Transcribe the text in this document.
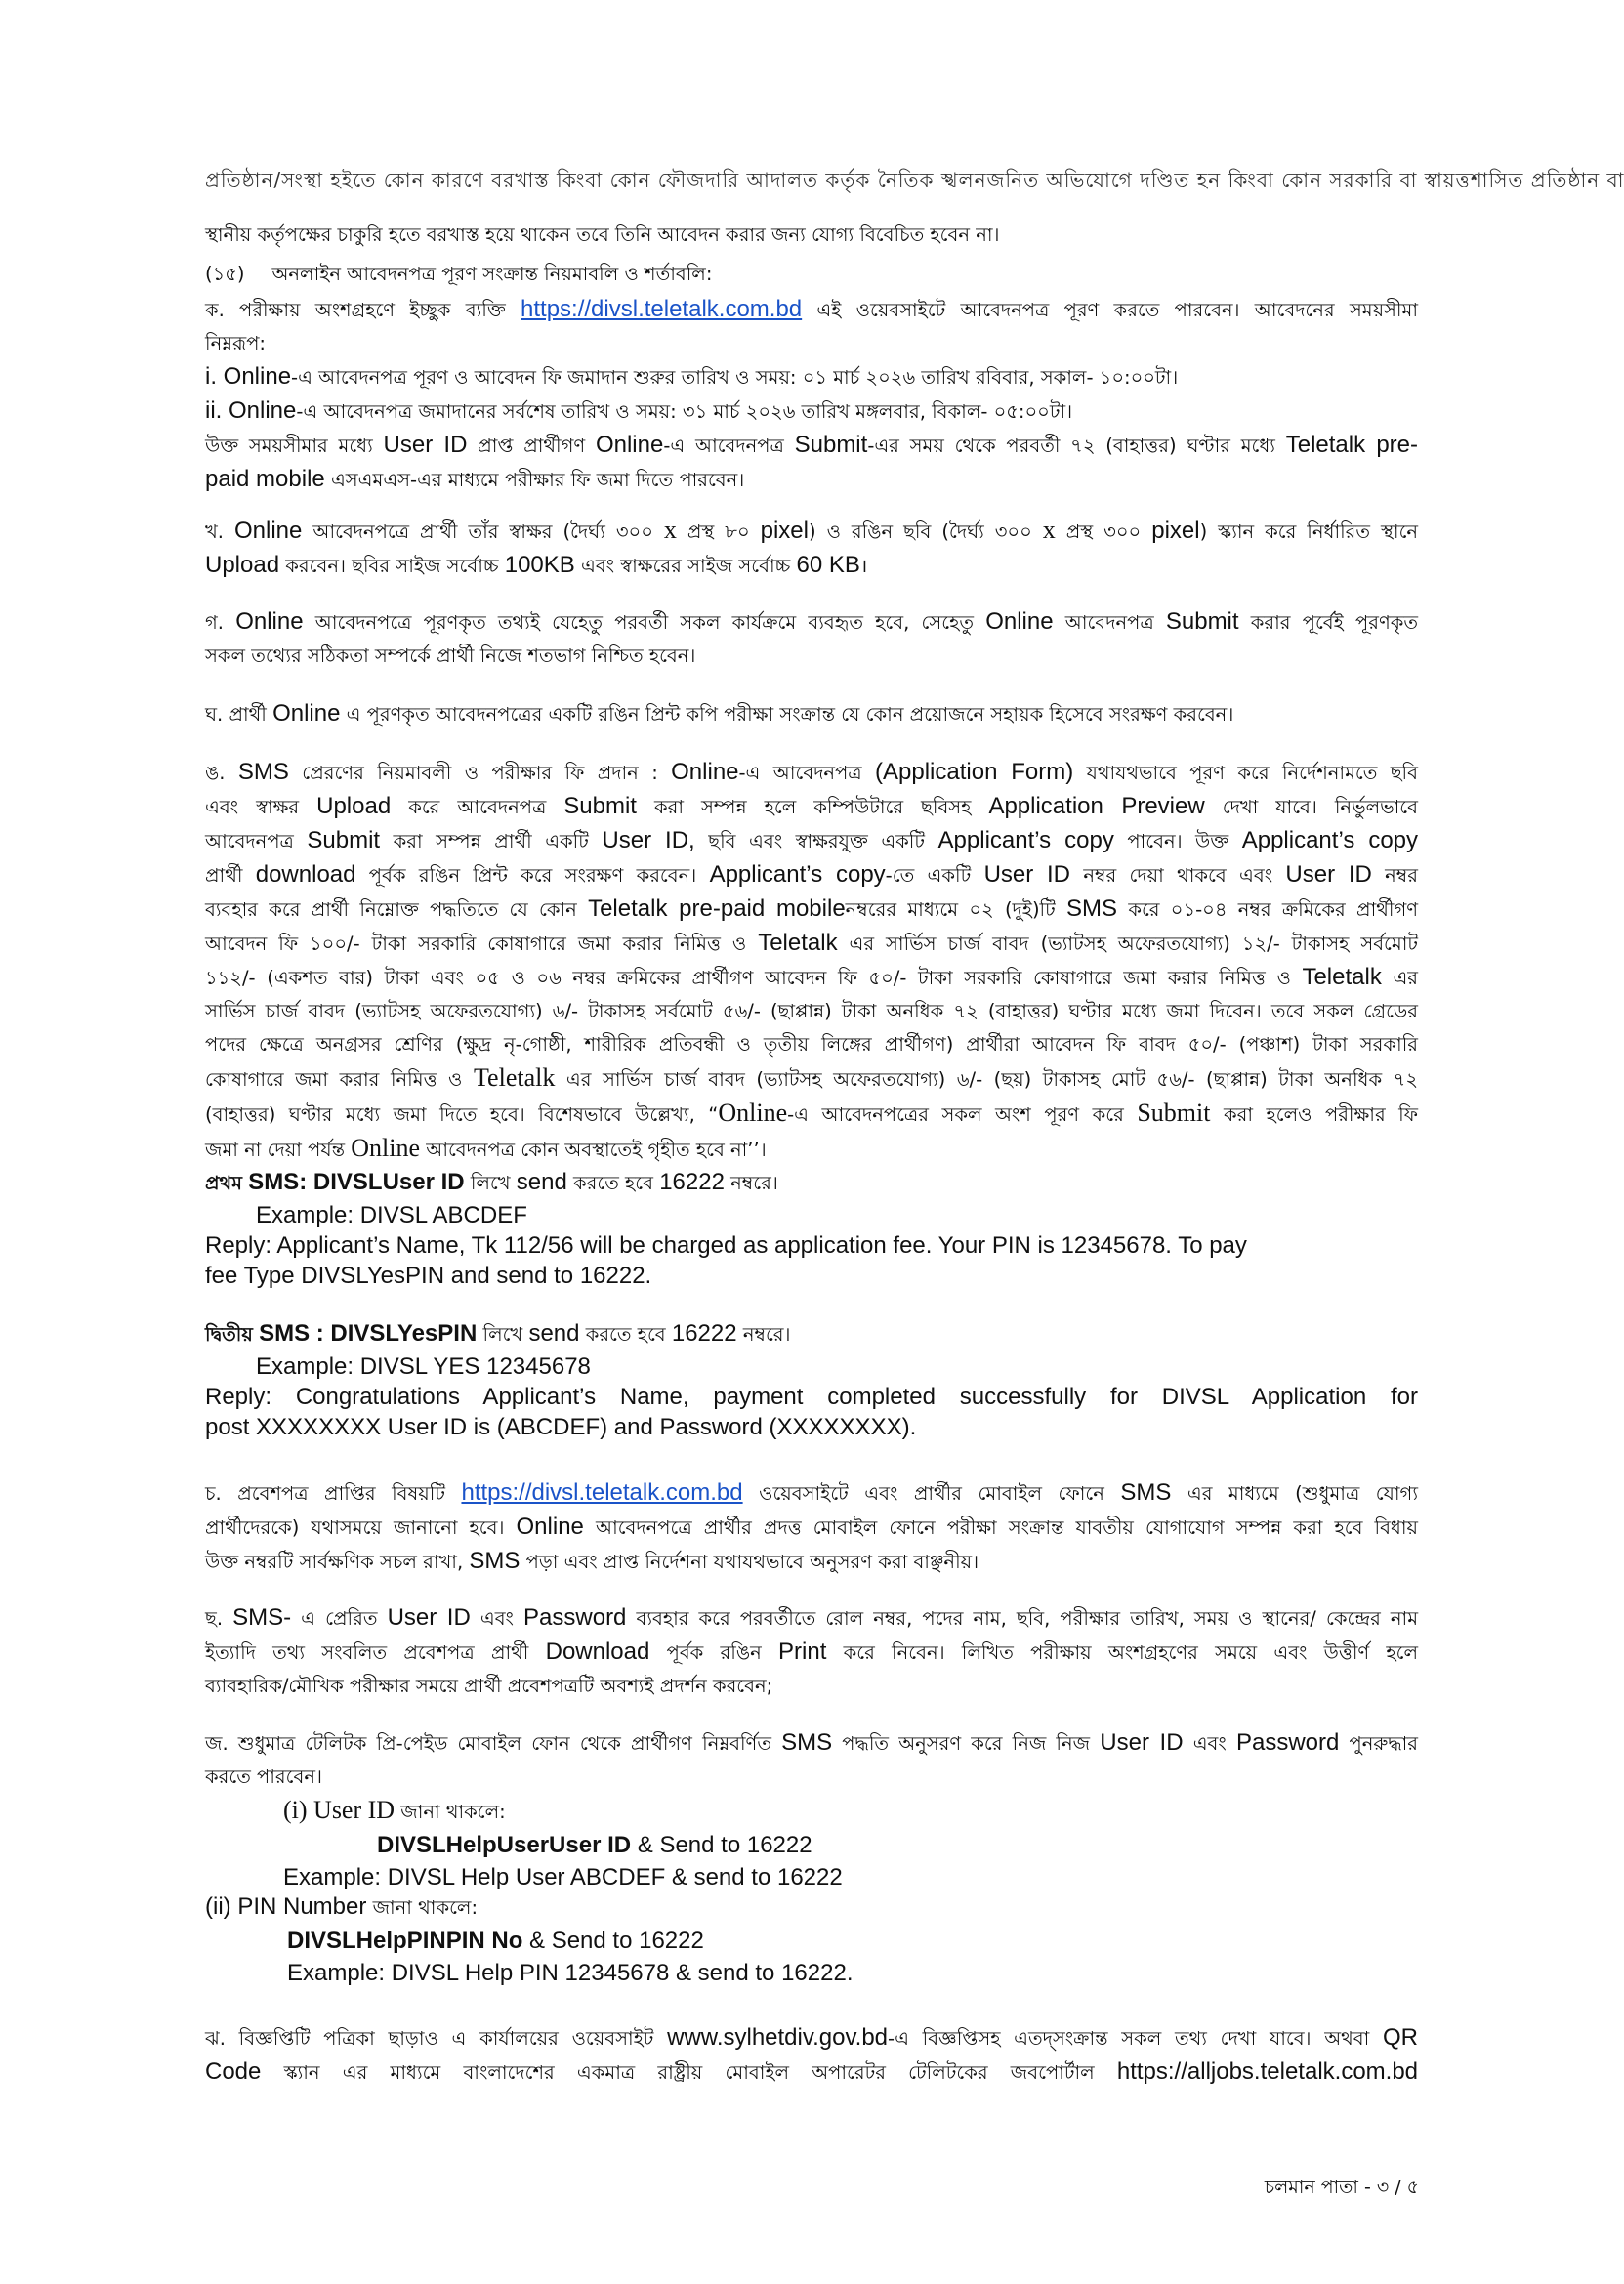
প্রতিষ্ঠান/সংস্থা হইতে কোন কারণে বরখাস্ত কিংবা কোন ফৌজদারি আদালত কর্তৃক নৈতিক স্খলনজনিত অভিযোগে দণ্ডিত হন কিংবা কোন সরকারি বা স্বায়ত্তশাসিত প্রতিষ্ঠান বা
স্থানীয় কর্তৃপক্ষের চাকুরি হতে বরখাস্ত হয়ে থাকেন তবে তিনি আবেদন করার জন্য যোগ্য বিবেচিত হবেন না।
(১৫) অনলাইন আবেদনপত্র পূরণ সংক্রান্ত নিয়মাবলি ও শর্তাবলি:
ক. পরীক্ষায় অংশগ্রহণে ইচ্ছুক ব্যক্তি https://divsl.teletalk.com.bd এই ওয়েবসাইটে আবেদনপত্র পূরণ করতে পারবেন। আবেদনের সময়সীমা
নিম্নরূপ:
i. Online-এ আবেদনপত্র পূরণ ও আবেদন ফি জমাদান শুরুর তারিখ ও সময়: ০১ মার্চ ২০২৬ তারিখ রবিবার, সকাল- ১০:০০টা।
ii. Online-এ আবেদনপত্র জমাদানের সর্বশেষ তারিখ ও সময়: ৩১ মার্চ ২০২৬ তারিখ মঙ্গলবার, বিকাল- ০৫:০০টা।
উক্ত সময়সীমার মধ্যে User ID প্রাপ্ত প্রার্থীগণ Online-এ আবেদনপত্র Submit-এর সময় থেকে পরবর্তী ৭২ (বাহাত্তর) ঘণ্টার মধ্যে Teletalk pre-
paid mobile এসএমএস-এর মাধ্যমে পরীক্ষার ফি জমা দিতে পারবেন।
খ. Online আবেদনপত্রে প্রার্থী তাঁর স্বাক্ষর (দৈর্ঘ্য ৩০০ x প্রস্থ ৮০ pixel) ও রঙিন ছবি (দৈর্ঘ্য ৩০০ x প্রস্থ ৩০০ pixel) স্ক্যান করে নির্ধারিত স্থানে
Upload করবেন। ছবির সাইজ সর্বোচ্চ 100KB এবং স্বাক্ষরের সাইজ সর্বোচ্চ 60 KB।
গ. Online আবেদনপত্রে পূরণকৃত তথ্যই যেহেতু পরবর্তী সকল কার্যক্রমে ব্যবহৃত হবে, সেহেতু Online আবেদনপত্র Submit করার পূর্বেই পূরণকৃত
সকল তথ্যের সঠিকতা সম্পর্কে প্রার্থী নিজে শতভাগ নিশ্চিত হবেন।
ঘ. প্রার্থী Online এ পূরণকৃত আবেদনপত্রের একটি রঙিন প্রিন্ট কপি পরীক্ষা সংক্রান্ত যে কোন প্রয়োজনে সহায়ক হিসেবে সংরক্ষণ করবেন।
ঙ. SMS প্রেরণের নিয়মাবলী ও পরীক্ষার ফি প্রদান : Online-এ আবেদনপত্র (Application Form) যথাযথভাবে পূরণ করে নির্দেশনামতে ছবি
এবং স্বাক্ষর Upload করে আবেদনপত্র Submit করা সম্পন্ন হলে কম্পিউটারে ছবিসহ Application Preview দেখা যাবে। নির্ভুলভাবে
আবেদনপত্র Submit করা সম্পন্ন প্রার্থী একটি User ID, ছবি এবং স্বাক্ষরযুক্ত একটি Applicant’s copy পাবেন। উক্ত Applicant’s copy
প্রার্থী download পূর্বক রঙিন প্রিন্ট করে সংরক্ষণ করবেন। Applicant’s copy-তে একটি User ID নম্বর দেয়া থাকবে এবং User ID নম্বর
ব্যবহার করে প্রার্থী নিম্নোক্ত পদ্ধতিতে যে কোন Teletalk pre-paid mobileনম্বরের মাধ্যমে ০২ (দুই)টি SMS করে ০১-০৪ নম্বর ক্রমিকের প্রার্থীগণ
আবেদন ফি ১০০/- টাকা সরকারি কোষাগারে জমা করার নিমিত্ত ও Teletalk এর সার্ভিস চার্জ বাবদ (ভ্যাটসহ অফেরতযোগ্য) ১২/- টাকাসহ সর্বমোট
১১২/- (একশত বার) টাকা এবং ০৫ ও ০৬ নম্বর ক্রমিকের প্রার্থীগণ আবেদন ফি ৫০/- টাকা সরকারি কোষাগারে জমা করার নিমিত্ত ও Teletalk এর
সার্ভিস চার্জ বাবদ (ভ্যাটসহ অফেরতযোগ্য) ৬/- টাকাসহ সর্বমোট ৫৬/- (ছাপ্পান্ন) টাকা অনধিক ৭২ (বাহাত্তর) ঘণ্টার মধ্যে জমা দিবেন। তবে সকল গ্রেডের
পদের ক্ষেত্রে অনগ্রসর শ্রেণির (ক্ষুদ্র নৃ-গোষ্ঠী, শারীরিক প্রতিবন্ধী ও তৃতীয় লিঙ্গের প্রার্থীগণ) প্রার্থীরা আবেদন ফি বাবদ ৫০/- (পঞ্চাশ) টাকা সরকারি
কোষাগারে জমা করার নিমিত্ত ও Teletalk এর সার্ভিস চার্জ বাবদ (ভ্যাটসহ অফেরতযোগ্য) ৬/- (ছয়) টাকাসহ মোট ৫৬/- (ছাপ্পান্ন) টাকা অনধিক ৭২
(বাহাত্তর) ঘণ্টার মধ্যে জমা দিতে হবে। বিশেষভাবে উল্লেখ্য, “Online-এ আবেদনপত্রের সকল অংশ পূরণ করে Submit করা হলেও পরীক্ষার ফি
জমা না দেয়া পর্যন্ত Online আবেদনপত্র কোন অবস্থাতেই গৃহীত হবে না’’।
প্রথম SMS: DIVSLUser ID লিখে send করতে হবে 16222 নম্বরে।
Example: DIVSL ABCDEF
Reply: Applicant’s Name, Tk 112/56 will be charged as application fee. Your PIN is 12345678. To pay
fee Type DIVSLYesPIN and send to 16222.
দ্বিতীয় SMS : DIVSLYesPIN লিখে send করতে হবে 16222 নম্বরে।
Example: DIVSL YES 12345678
Reply: Congratulations Applicant’s Name, payment completed successfully for DIVSL Application for
post XXXXXXXX User ID is (ABCDEF) and Password (XXXXXXXX).
চ. প্রবেশপত্র প্রাপ্তির বিষয়টি https://divsl.teletalk.com.bd ওয়েবসাইটে এবং প্রার্থীর মোবাইল ফোনে SMS এর মাধ্যমে (শুধুমাত্র যোগ্য
প্রার্থীদেরকে) যথাসময়ে জানানো হবে। Online আবেদনপত্রে প্রার্থীর প্রদত্ত মোবাইল ফোনে পরীক্ষা সংক্রান্ত যাবতীয় যোগাযোগ সম্পন্ন করা হবে বিধায়
উক্ত নম্বরটি সার্বক্ষণিক সচল রাখা, SMS পড়া এবং প্রাপ্ত নির্দেশনা যথাযথভাবে অনুসরণ করা বাঞ্ছনীয়।
ছ. SMS- এ প্রেরিত User ID এবং Password ব্যবহার করে পরবর্তীতে রোল নম্বর, পদের নাম, ছবি, পরীক্ষার তারিখ, সময় ও স্থানের/ কেন্দ্রের নাম
ইত্যাদি তথ্য সংবলিত প্রবেশপত্র প্রার্থী Download পূর্বক রঙিন Print করে নিবেন। লিখিত পরীক্ষায় অংশগ্রহণের সময়ে এবং উত্তীর্ণ হলে
ব্যাবহারিক/মৌখিক পরীক্ষার সময়ে প্রার্থী প্রবেশপত্রটি অবশ্যই প্রদর্শন করবেন;
জ. শুধুমাত্র টেলিটক প্রি-পেইড মোবাইল ফোন থেকে প্রার্থীগণ নিম্নবর্ণিত SMS পদ্ধতি অনুসরণ করে নিজ নিজ User ID এবং Password পুনরুদ্ধার
করতে পারবেন।
(i) User ID জানা থাকলে:
DIVSLHelpUserUser ID & Send to 16222
Example: DIVSL Help User ABCDEF & send to 16222
(ii) PIN Number জানা থাকলে:
DIVSLHelpPINPIN No & Send to 16222
Example: DIVSL Help PIN 12345678 & send to 16222.
ঝ. বিজ্ঞপ্তিটি পত্রিকা ছাড়াও এ কার্যালয়ের ওয়েবসাইট www.sylhetdiv.gov.bd-এ বিজ্ঞপ্তিসহ এতদ্সংক্রান্ত সকল তথ্য দেখা যাবে। অথবা QR
Code স্ক্যান এর মাধ্যমে বাংলাদেশের একমাত্র রাষ্ট্রীয় মোবাইল অপারেটর টেলিটকের জবপোর্টাল https://alljobs.teletalk.com.bd
চলমান পাতা - ৩ / ৫
